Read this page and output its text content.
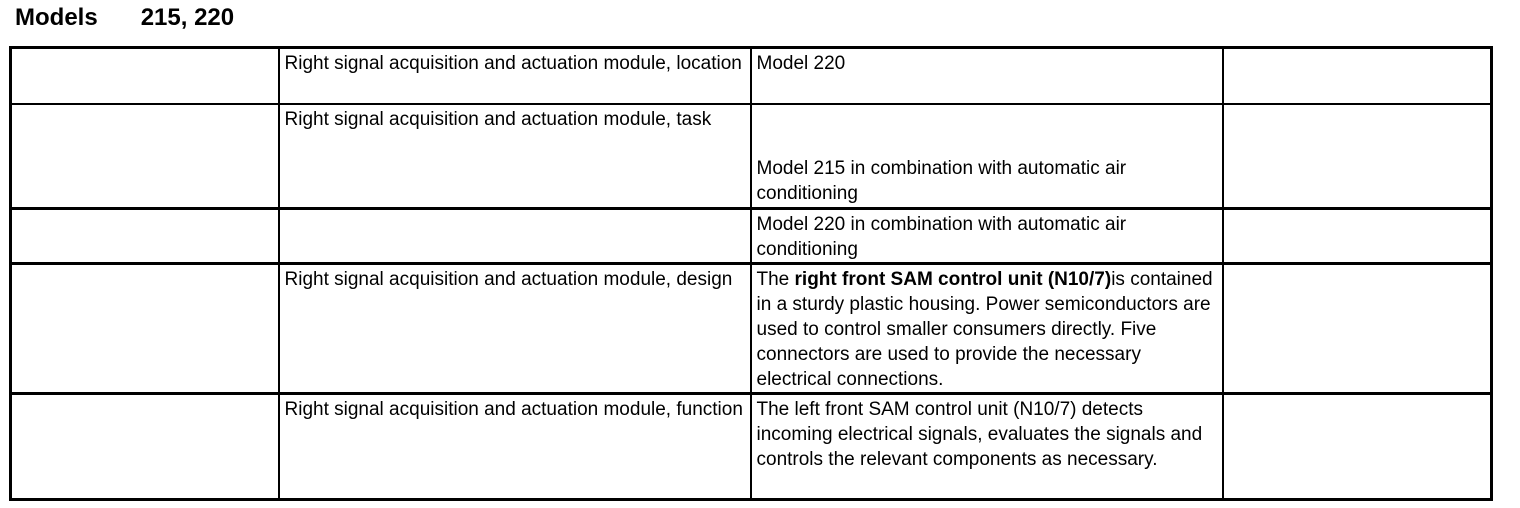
Models 215, 220
	Right signal acquisition and actuation module, location	Model 220	
	Right signal acquisition and actuation module, task	Model 215 in combination with automatic air conditioning	
		Model 220 in combination with automatic air conditioning	
	Right signal acquisition and actuation module, design	The right front SAM control unit (N10/7)is contained in a sturdy plastic housing. Power semiconductors are used to control smaller consumers directly. Five connectors are used to provide the necessary electrical connections.	
	Right signal acquisition and actuation module, function	The left front SAM control unit (N10/7) detects incoming electrical signals, evaluates the signals and controls the relevant components as necessary.	
